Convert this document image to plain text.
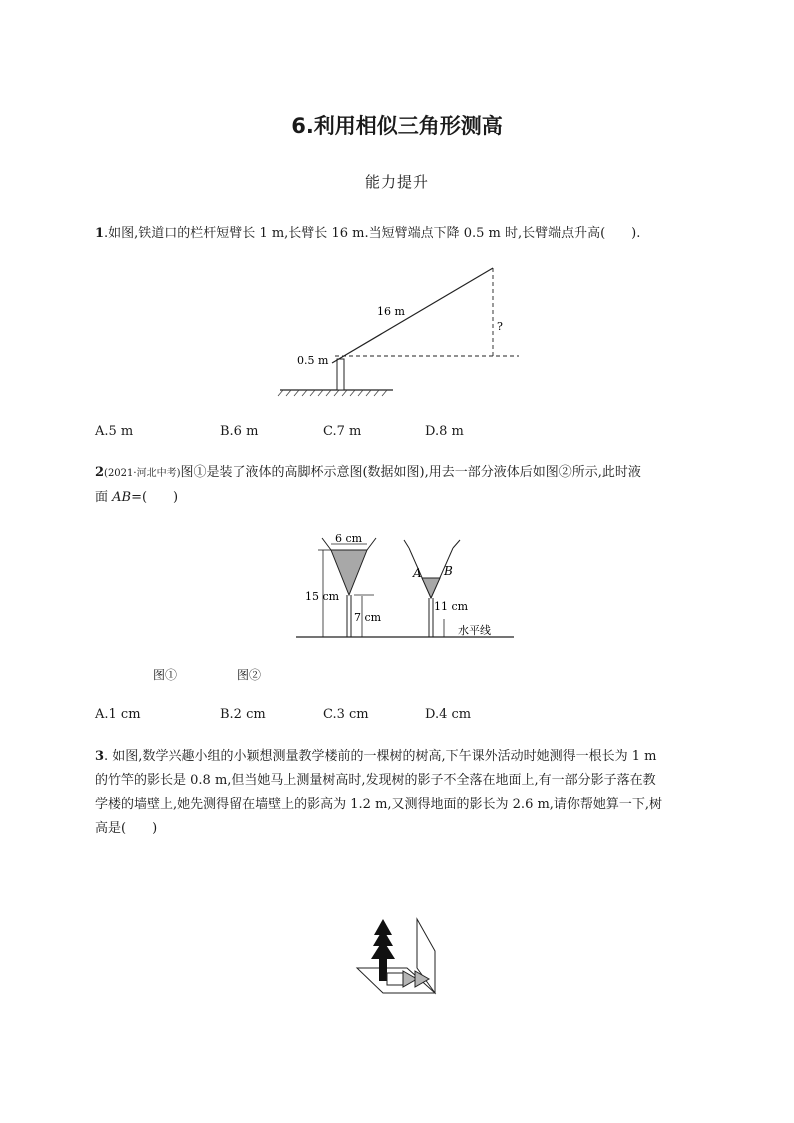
6.利用相似三角形测高
能力提升
1.如图,铁道口的栏杆短臂长 1 m,长臂长 16 m.当短臂端点下降 0.5 m 时,长臂端点升高(　　).
16 m
0.5 m
?
A.5 m	B.6 m	C.7 m	D.8 m
2(2021·河北中考)图①是装了液体的高脚杯示意图(数据如图),用去一部分液体后如图②所示,此时液
面 AB=(　　)
6 cm
15 cm
7 cm
A B
11 cm
水平线
图①	图②
A.1 cm	B.2 cm	C.3 cm	D.4 cm
3. 如图,数学兴趣小组的小颖想测量教学楼前的一棵树的树高,下午课外活动时她测得一根长为 1 m
的竹竿的影长是 0.8 m,但当她马上测量树高时,发现树的影子不全落在地面上,有一部分影子落在教
学楼的墙壁上,她先测得留在墙壁上的影高为 1.2 m,又测得地面的影长为 2.6 m,请你帮她算一下,树
高是(　　)
